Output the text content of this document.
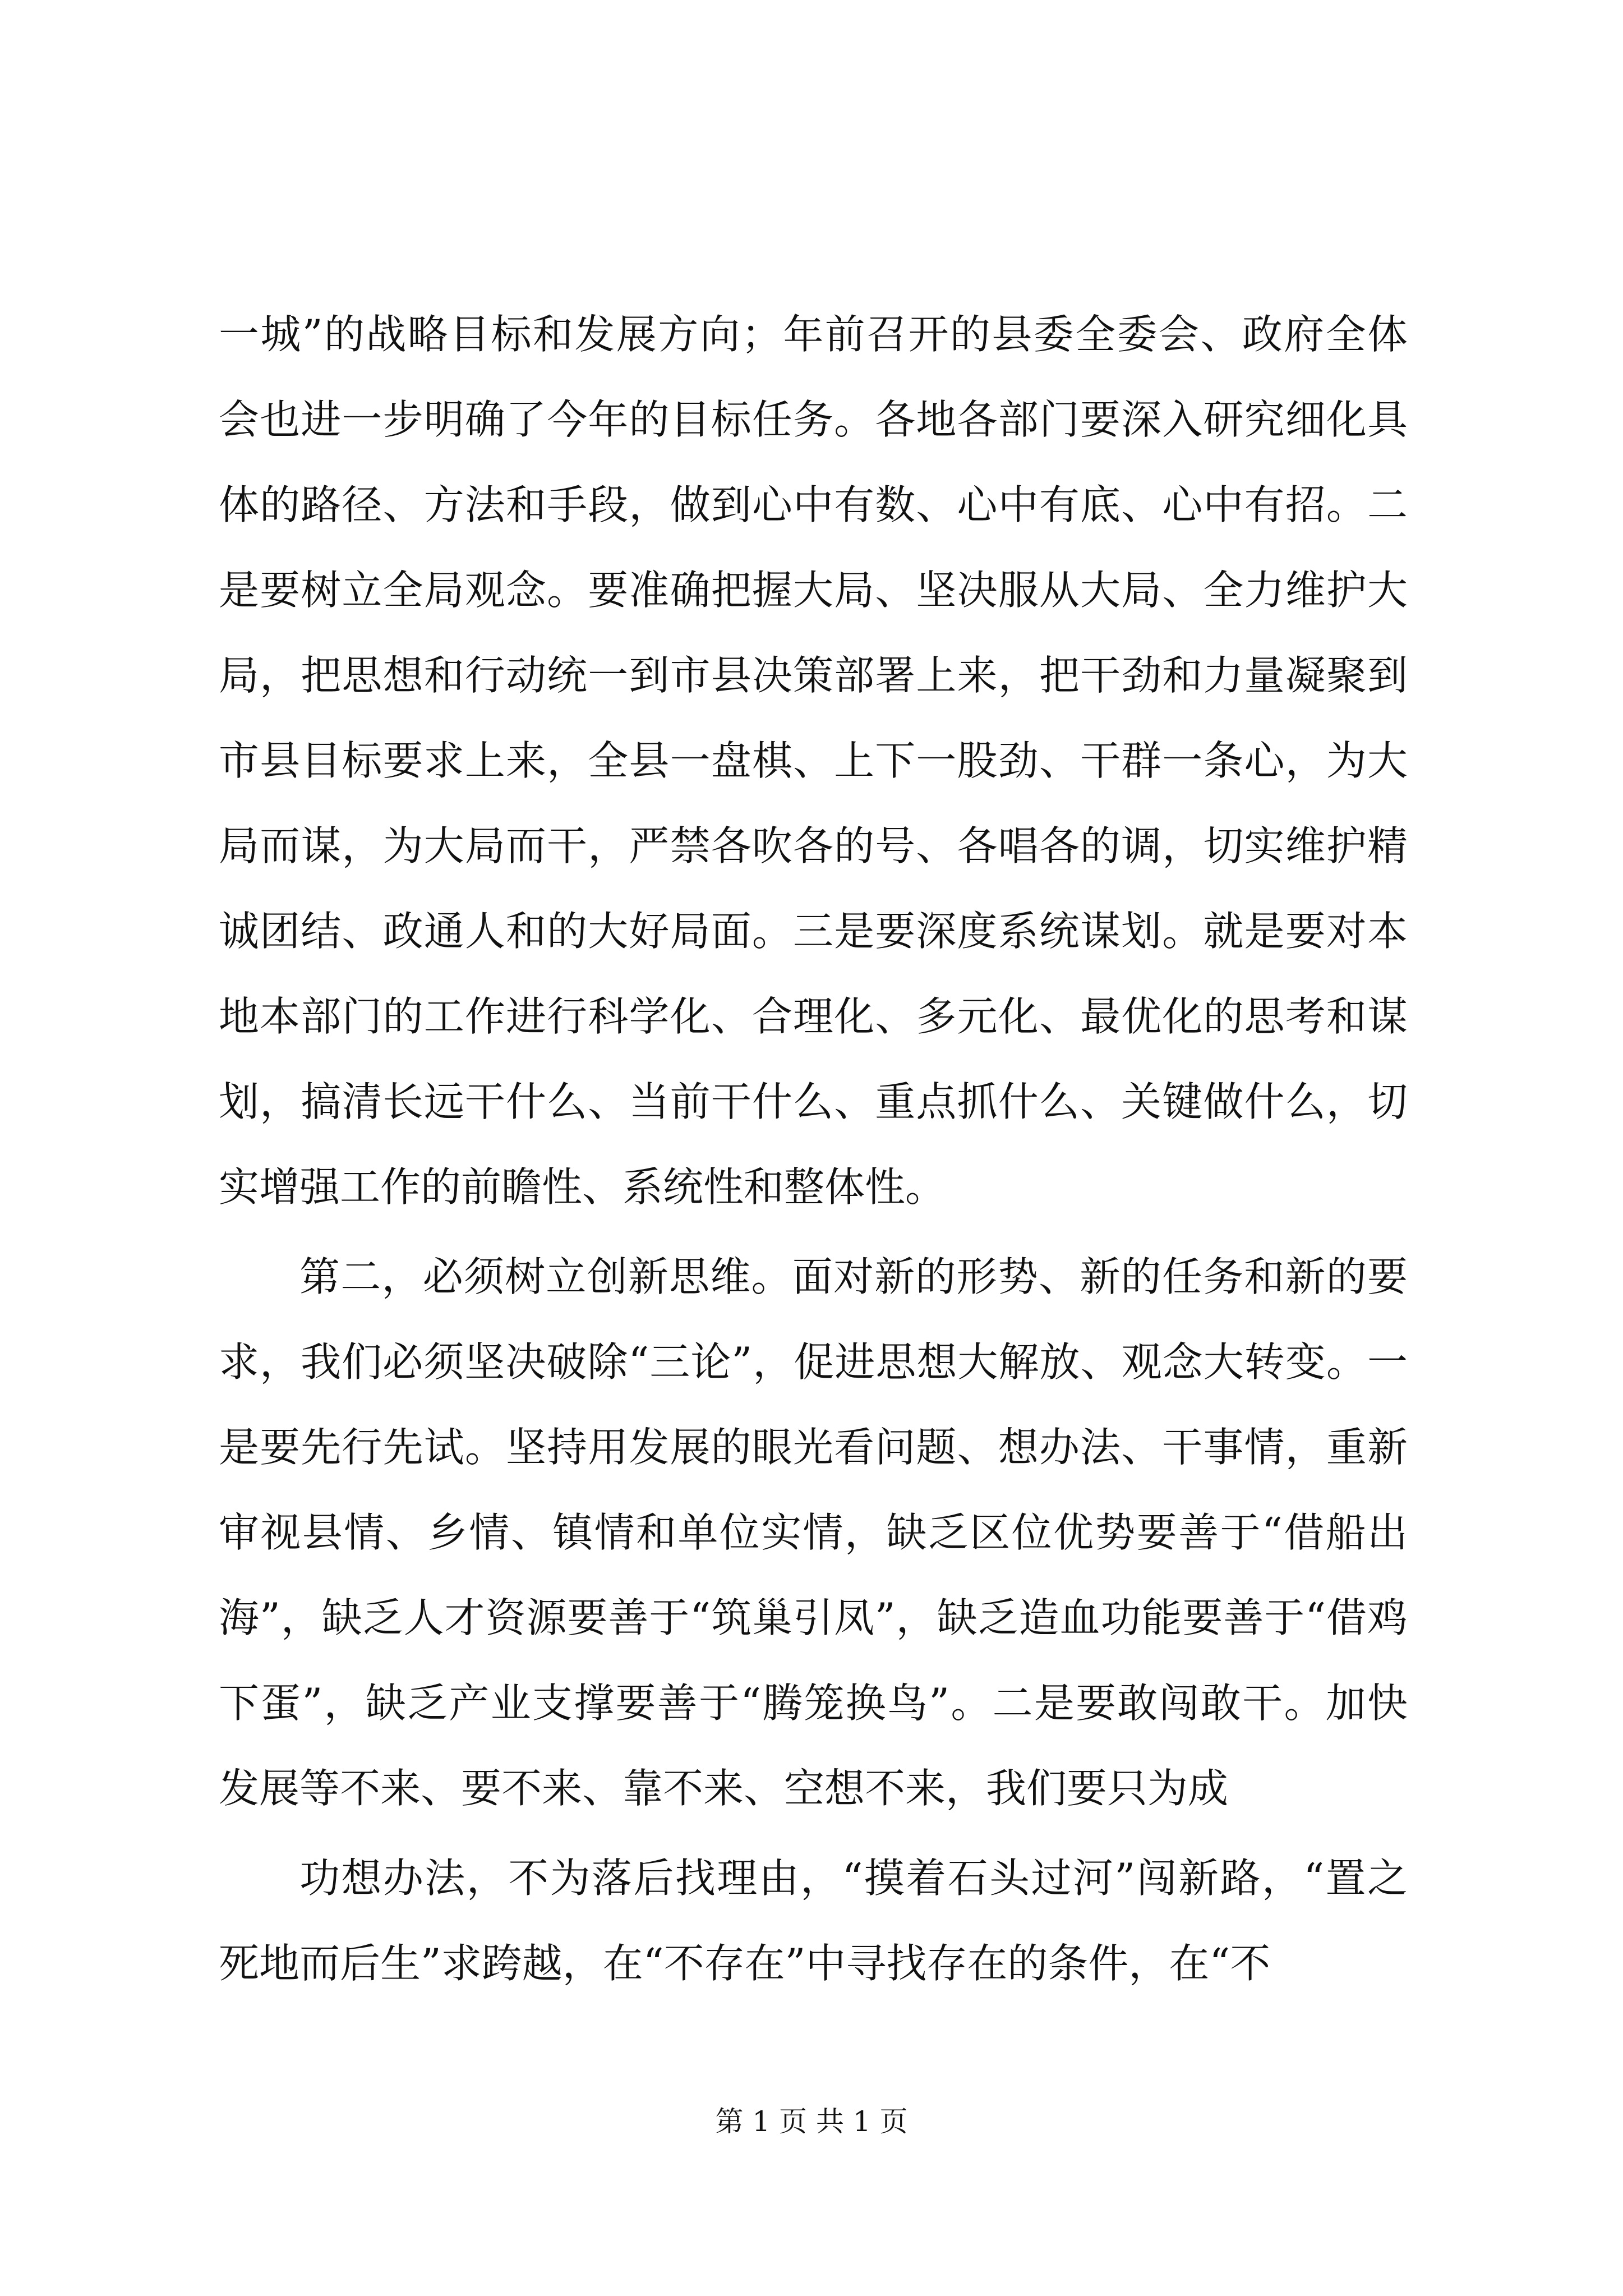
一城”的战略目标和发展方向；年前召开的县委全委会、政府全体会也进一步明确了今年的目标任务。各地各部门要深入研究细化具体的路径、方法和手段，做到心中有数、心中有底、心中有招。二是要树立全局观念。要准确把握大局、坚决服从大局、全力维护大局，把思想和行动统一到市县决策部署上来，把干劲和力量凝聚到市县目标要求上来，全县一盘棋、上下一股劲、干群一条心，为大局而谋，为大局而干，严禁各吹各的号、各唱各的调，切实维护精诚团结、政通人和的大好局面。三是要深度系统谋划。就是要对本地本部门的工作进行科学化、合理化、多元化、最优化的思考和谋划，搞清长远干什么、当前干什么、重点抓什么、关键做什么，切实增强工作的前瞻性、系统性和整体性。

第二，必须树立创新思维。面对新的形势、新的任务和新的要求，我们必须坚决破除“三论”，促进思想大解放、观念大转变。一是要先行先试。坚持用发展的眼光看问题、想办法、干事情，重新审视县情、乡情、镇情和单位实情，缺乏区位优势要善于“借船出海”，缺乏人才资源要善于“筑巢引凤”，缺乏造血功能要善于“借鸡下蛋”，缺乏产业支撑要善于“腾笼换鸟”。二是要敢闯敢干。加快发展等不来、要不来、靠不来、空想不来，我们要只为成

功想办法，不为落后找理由，“摸着石头过河”闯新路，“置之死地而后生”求跨越，在“不存在”中寻找存在的条件，在“不

第 1 页 共 1 页
